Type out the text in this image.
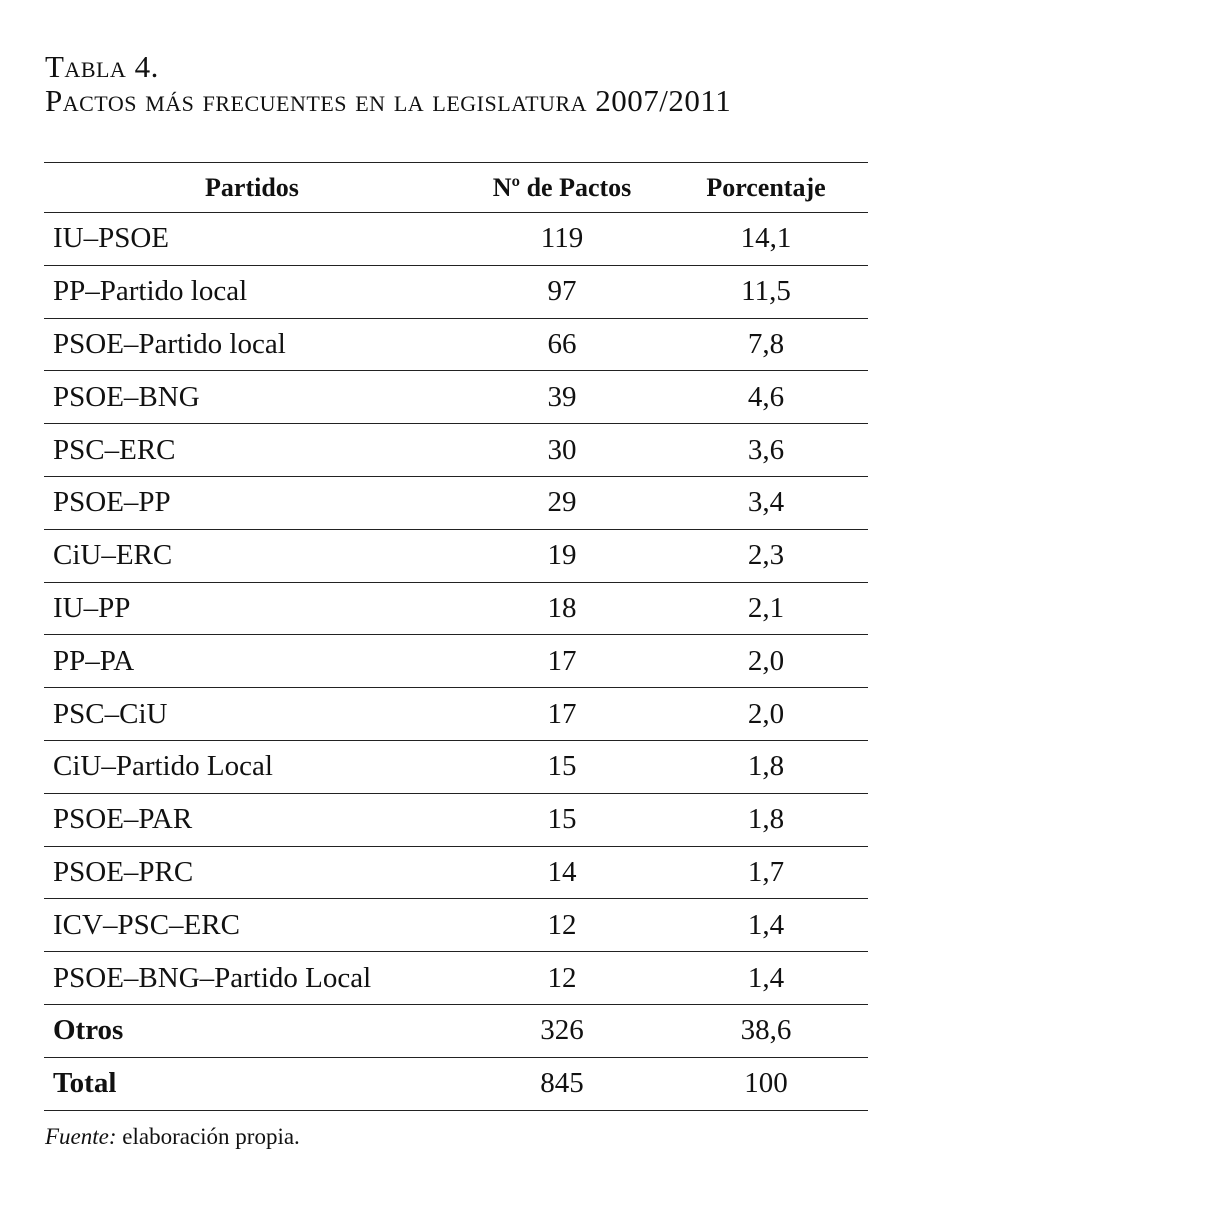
Tabla 4.
Pactos más frecuentes en la legislatura 2007/2011
Partidos	Nº de Pactos	Porcentaje
IU–PSOE	119	14,1
PP–Partido local	97	11,5
PSOE–Partido local	66	7,8
PSOE–BNG	39	4,6
PSC–ERC	30	3,6
PSOE–PP	29	3,4
CiU–ERC	19	2,3
IU–PP	18	2,1
PP–PA	17	2,0
PSC–CiU	17	2,0
CiU–Partido Local	15	1,8
PSOE–PAR	15	1,8
PSOE–PRC	14	1,7
ICV–PSC–ERC	12	1,4
PSOE–BNG–Partido Local	12	1,4
Otros	326	38,6
Total	845	100

Fuente: elaboración propia.
